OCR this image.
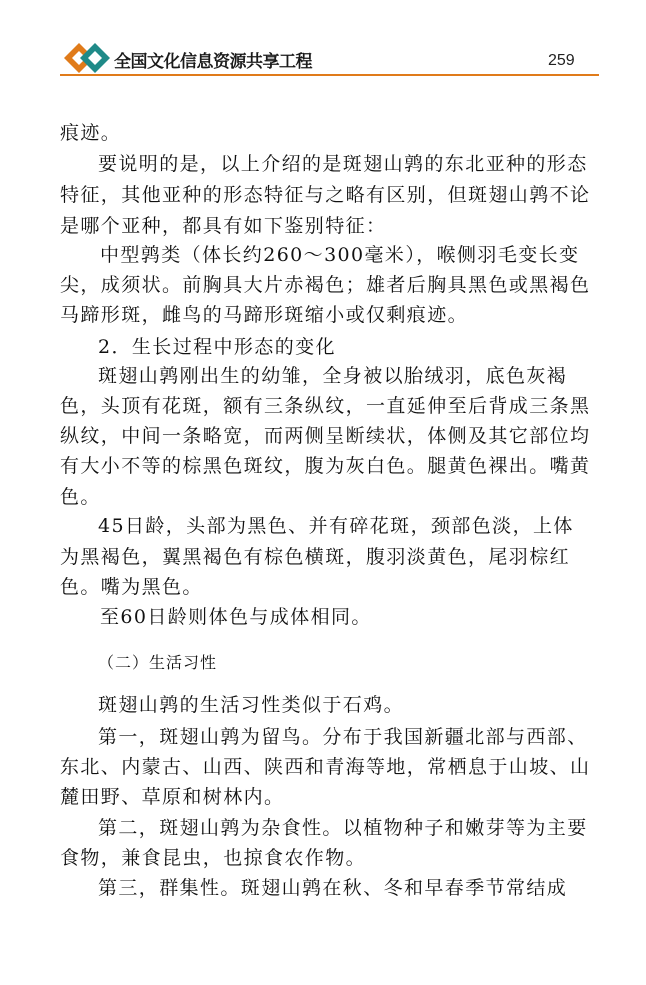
全国文化信息资源共享工程	259
痕迹。
要说明的是，以上介绍的是斑翅山鹑的东北亚种的形态
特征，其他亚种的形态特征与之略有区别，但斑翅山鹑不论
是哪个亚种，都具有如下鉴别特征：
中型鹑类（体长约260～300毫米），喉侧羽毛变长变
尖，成须状。前胸具大片赤褐色；雄者后胸具黑色或黑褐色
马蹄形斑，雌鸟的马蹄形斑缩小或仅剩痕迹。
2．生长过程中形态的变化
斑翅山鹑刚出生的幼雏，全身被以胎绒羽，底色灰褐
色，头顶有花斑，额有三条纵纹，一直延伸至后背成三条黑
纵纹，中间一条略宽，而两侧呈断续状，体侧及其它部位均
有大小不等的棕黑色斑纹，腹为灰白色。腿黄色裸出。嘴黄
色。
45日龄，头部为黑色、并有碎花斑，颈部色淡，上体
为黑褐色，翼黑褐色有棕色横斑，腹羽淡黄色，尾羽棕红
色。嘴为黑色。
至60日龄则体色与成体相同。
（二）生活习性
斑翅山鹑的生活习性类似于石鸡。
第一，斑翅山鹑为留鸟。分布于我国新疆北部与西部、
东北、内蒙古、山西、陕西和青海等地，常栖息于山坡、山
麓田野、草原和树林内。
第二，斑翅山鹑为杂食性。以植物种子和嫩芽等为主要
食物，兼食昆虫，也掠食农作物。
第三，群集性。斑翅山鹑在秋、冬和早春季节常结成
